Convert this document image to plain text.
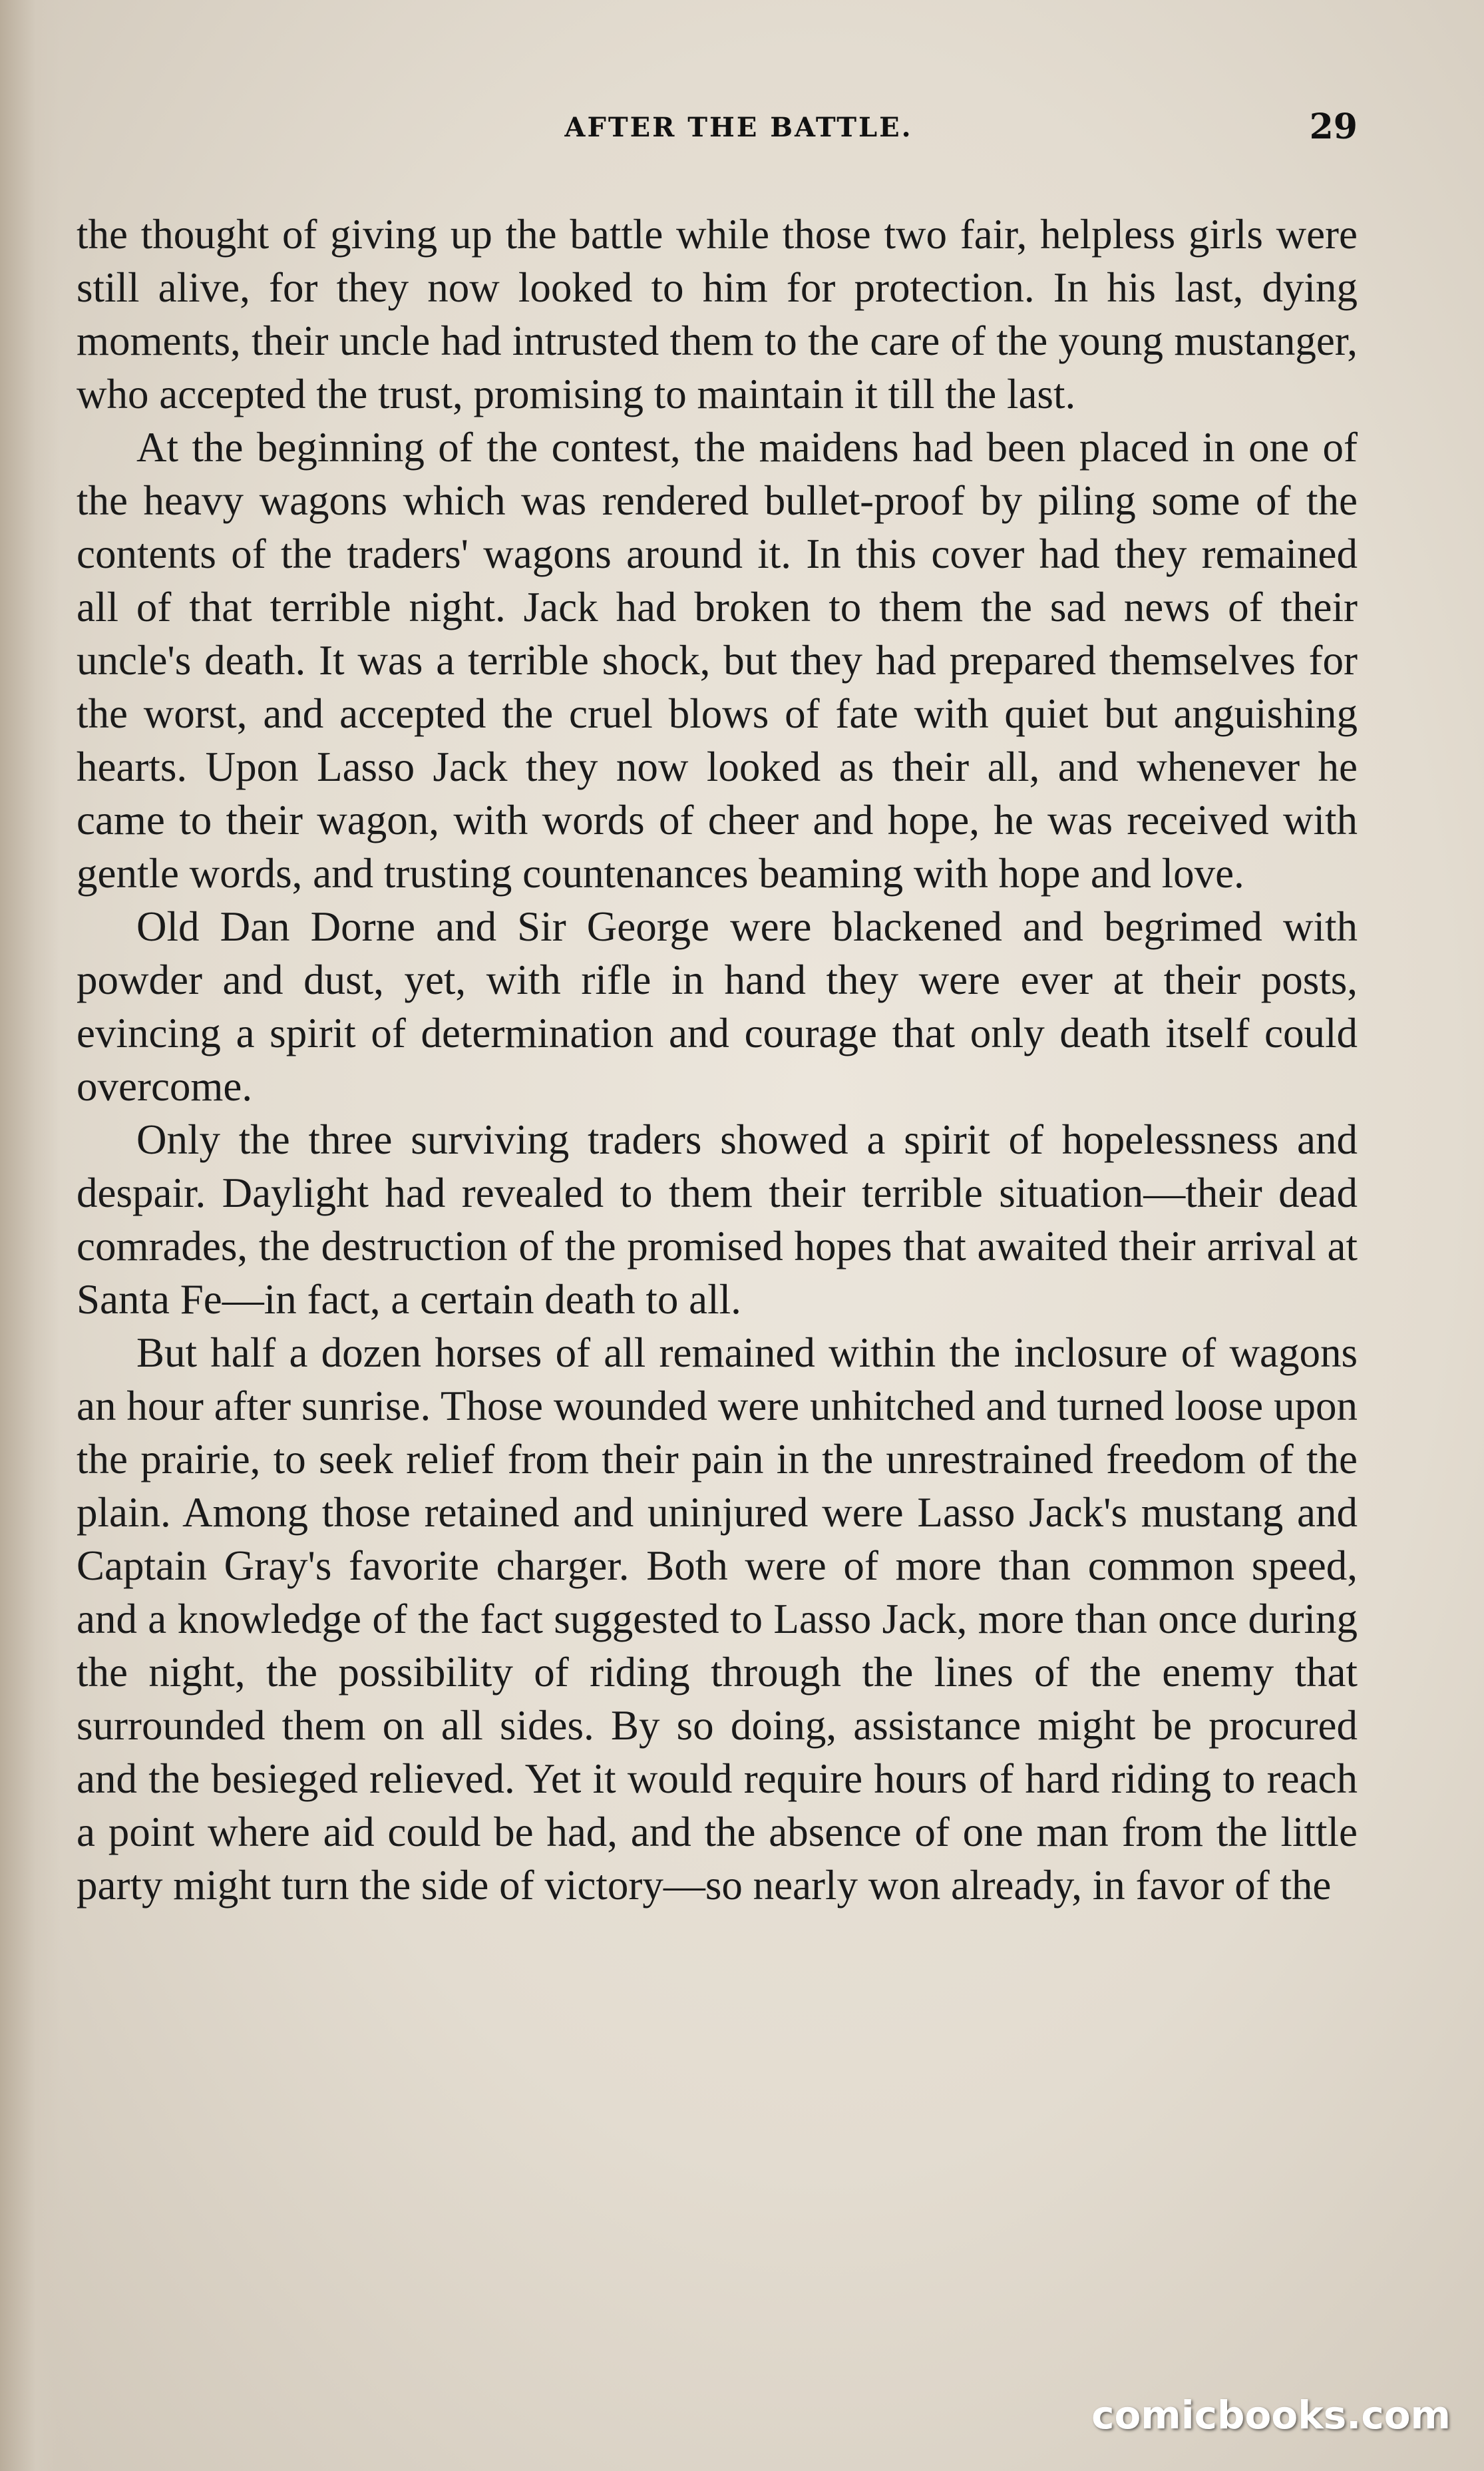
AFTER THE BATTLE.	29

the thought of giving up the battle while those two fair, helpless girls were still alive, for they now looked to him for protection. In his last, dying moments, their uncle had intrusted them to the care of the young mustanger, who accepted the trust, promising to maintain it till the last.

At the beginning of the contest, the maidens had been placed in one of the heavy wagons which was rendered bullet-proof by piling some of the contents of the traders' wagons around it. In this cover had they remained all of that terrible night. Jack had broken to them the sad news of their uncle's death. It was a terrible shock, but they had prepared themselves for the worst, and accepted the cruel blows of fate with quiet but anguishing hearts. Upon Lasso Jack they now looked as their all, and whenever he came to their wagon, with words of cheer and hope, he was received with gentle words, and trusting countenances beaming with hope and love.

Old Dan Dorne and Sir George were blackened and begrimed with powder and dust, yet, with rifle in hand they were ever at their posts, evincing a spirit of determination and courage that only death itself could overcome.

Only the three surviving traders showed a spirit of hopelessness and despair. Daylight had revealed to them their terrible situation—their dead comrades, the destruction of the promised hopes that awaited their arrival at Santa Fe—in fact, a certain death to all.

But half a dozen horses of all remained within the inclosure of wagons an hour after sunrise. Those wounded were unhitched and turned loose upon the prairie, to seek relief from their pain in the unrestrained freedom of the plain. Among those retained and uninjured were Lasso Jack's mustang and Captain Gray's favorite charger. Both were of more than common speed, and a knowledge of the fact suggested to Lasso Jack, more than once during the night, the possibility of riding through the lines of the enemy that surrounded them on all sides. By so doing, assistance might be procured and the besieged relieved. Yet it would require hours of hard riding to reach a point where aid could be had, and the absence of one man from the little party might turn the side of victory—so nearly won already, in favor of the

comicbooks.com
